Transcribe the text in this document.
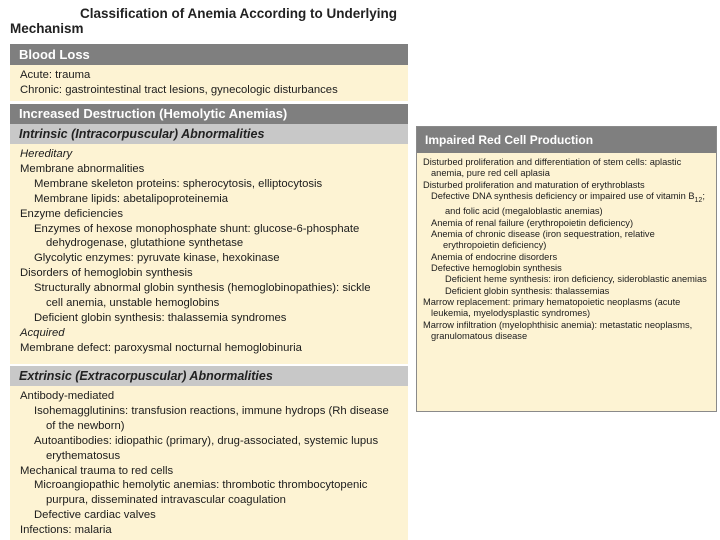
Classification of Anemia According to Underlying
Mechanism
Blood Loss
Acute: trauma
Chronic: gastrointestinal tract lesions, gynecologic disturbances
Increased Destruction (Hemolytic Anemias)
Intrinsic (Intracorpuscular) Abnormalities
Hereditary
Membrane abnormalities
Membrane skeleton proteins: spherocytosis, elliptocytosis
Membrane lipids: abetalipoproteinemia
Enzyme deficiencies
Enzymes of hexose monophosphate shunt: glucose-6-phosphate
dehydrogenase, glutathione synthetase
Glycolytic enzymes: pyruvate kinase, hexokinase
Disorders of hemoglobin synthesis
Structurally abnormal globin synthesis (hemoglobinopathies): sickle
cell anemia, unstable hemoglobins
Deficient globin synthesis: thalassemia syndromes
Acquired
Membrane defect: paroxysmal nocturnal hemoglobinuria
Extrinsic (Extracorpuscular) Abnormalities
Antibody-mediated
Isohemagglutinins: transfusion reactions, immune hydrops (Rh disease
of the newborn)
Autoantibodies: idiopathic (primary), drug-associated, systemic lupus
erythematosus
Mechanical trauma to red cells
Microangiopathic hemolytic anemias: thrombotic thrombocytopenic
purpura, disseminated intravascular coagulation
Defective cardiac valves
Infections: malaria
Impaired Red Cell Production
Disturbed proliferation and differentiation of stem cells: aplastic
anemia, pure red cell aplasia
Disturbed proliferation and maturation of erythroblasts
Defective DNA synthesis deficiency or impaired use of vitamin $B_{12}$;
and folic acid (megaloblastic anemias)
Anemia of renal failure (erythropoietin deficiency)
Anemia of chronic disease (iron sequestration, relative
erythropoietin deficiency)
Anemia of endocrine disorders
Defective hemoglobin synthesis
Deficient heme synthesis: iron deficiency, sideroblastic anemias
Deficient globin synthesis: thalassemias
Marrow replacement: primary hematopoietic neoplasms (acute
leukemia, myelodysplastic syndromes)
Marrow infiltration (myelophthisic anemia): metastatic neoplasms,
granulomatous disease
